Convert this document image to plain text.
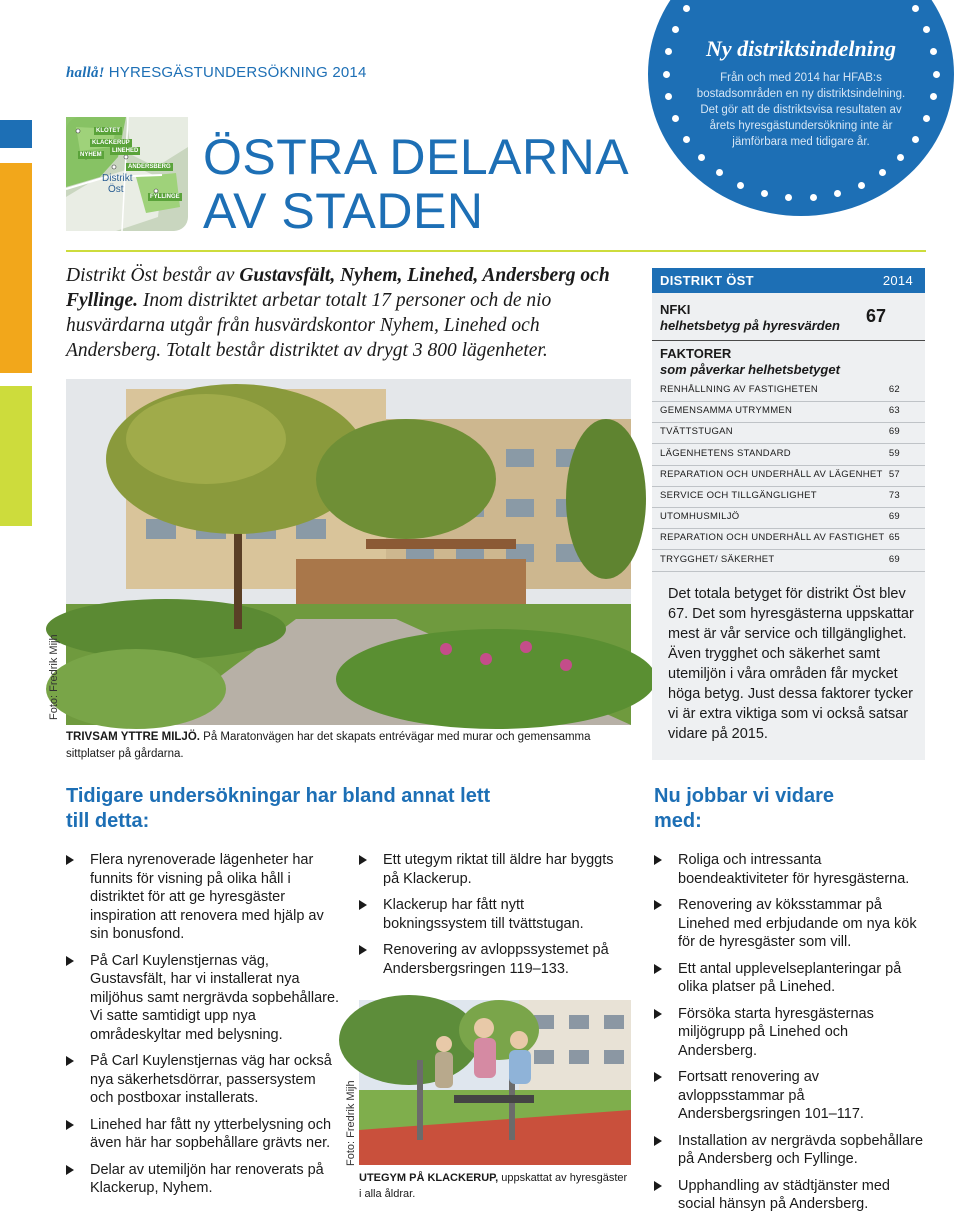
hallå! HYRESGÄSTUNDERSÖKNING 2014
KLOTET
KLACKERUP
NYHEM
LINEHED
ANDERSBERG
FYLLINGE
Distrikt
Öst
ÖSTRA DELARNA
AV STADEN
Ny distriktsindelning
Från och med 2014 har HFAB:s bostadsområden en ny distriktsindelning. Det gör att de distriktsvisa resultaten av årets hyresgästundersökning inte är jämförbara med tidigare år.
Distrikt Öst består av Gustavsfält, Nyhem, Linehed, Andersberg och Fyllinge. Inom distriktet arbetar totalt 17 personer och de nio husvärdarna utgår från husvärdskontor Nyhem, Linehed och Andersberg. Totalt består distriktet av drygt 3 800 lägenheter.
Foto: Fredrik Mijh
TRIVSAM YTTRE MILJÖ. På Maratonvägen har det skapats entrévägar med murar och gemensamma sittplatser på gårdarna.
DISTRIKT ÖST	2014
NFKI
helhetsbetyg på hyresvärden 67
FAKTORER
som påverkar helhetsbetyget
RENHÅLLNING AV FASTIGHETEN	62
GEMENSAMMA UTRYMMEN	63
TVÄTTSTUGAN	69
LÄGENHETENS STANDARD	59
REPARATION OCH UNDERHÅLL AV LÄGENHET 57
SERVICE OCH TILLGÄNGLIGHET	73
UTOMHUSMILJÖ	69
REPARATION OCH UNDERHÅLL AV FASTIGHET 65
TRYGGHET/ SÄKERHET	69
Det totala betyget för distrikt Öst blev 67. Det som hyresgästerna uppskattar mest är vår service och tillgänglighet. Även trygghet och säkerhet samt utemiljön i våra områden får mycket höga betyg. Just dessa faktorer tycker vi är extra viktiga som vi också satsar vidare på 2015.
Tidigare undersökningar har bland annat lett
till detta:
Flera nyrenoverade lägenheter har funnits för visning på olika håll i distriktet för att ge hyresgäster inspiration att renovera med hjälp av sin bonusfond.
På Carl Kuylenstjernas väg, Gustavsfält, har vi installerat nya miljöhus samt nergrävda sopbehållare. Vi satte samtidigt upp nya områdeskyltar med belysning.
På Carl Kuylenstjernas väg har också nya säkerhetsdörrar, passersystem och postboxar installerats.
Linehed har fått ny ytterbelysning och även här har sopbehållare grävts ner.
Delar av utemiljön har renoverats på Klackerup, Nyhem.
Ett utegym riktat till äldre har byggts på Klackerup.
Klackerup har fått nytt bokningssystem till tvättstugan.
Renovering av avloppssystemet på Andersbergsringen 119–133.
Foto: Fredrik Mijh
UTEGYM PÅ KLACKERUP, uppskattat av hyresgäster i alla åldrar.
Nu jobbar vi vidare
med:
Roliga och intressanta boendeaktiviteter för hyresgästerna.
Renovering av köksstammar på Linehed med erbjudande om nya kök för de hyresgäster som vill.
Ett antal upplevelseplanteringar på olika platser på Linehed.
Försöka starta hyresgästernas miljögrupp på Linehed och Andersberg.
Fortsatt renovering av avloppsstammar på Andersbergsringen 101–117.
Installation av nergrävda sopbehållare på Andersberg och Fyllinge.
Upphandling av städtjänster med social hänsyn på Andersberg.
